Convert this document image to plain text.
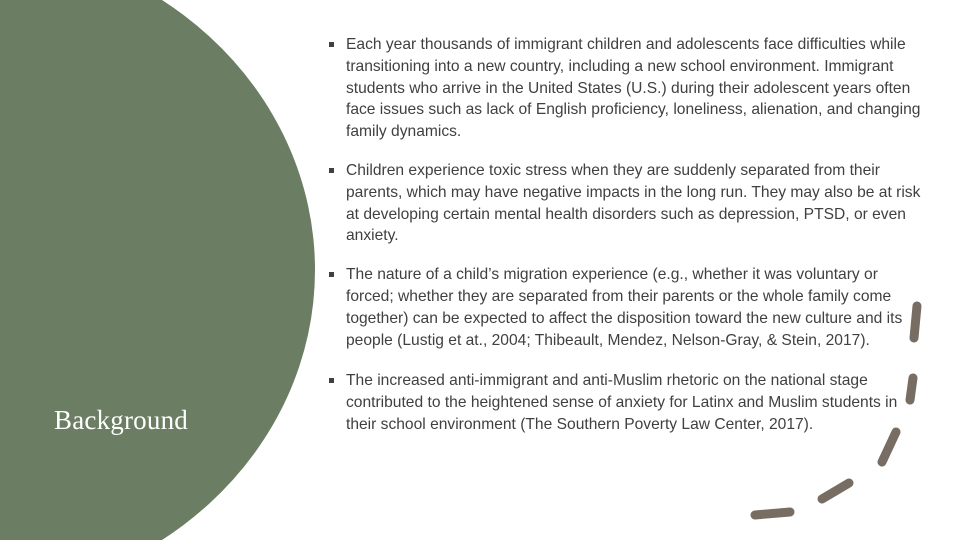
Background
Each year thousands of immigrant children and adolescents face difficulties while transitioning into a new country, including a new school environment. Immigrant students who arrive in the United States (U.S.) during their adolescent years often face issues such as lack of English proficiency, loneliness, alienation, and changing family dynamics.
Children experience toxic stress when they are suddenly separated from their parents, which may have negative impacts in the long run. They may also be at risk at developing certain mental health disorders such as depression, PTSD, or even anxiety.
The nature of a child’s migration experience (e.g., whether it was voluntary or forced; whether they are separated from their parents or the whole family come together) can be expected to affect the disposition toward the new culture and its people (Lustig et at., 2004; Thibeault, Mendez, Nelson-Gray, & Stein, 2017).
The increased anti-immigrant and anti-Muslim rhetoric on the national stage contributed to the heightened sense of anxiety for Latinx and Muslim students in their school environment (The Southern Poverty Law Center, 2017).
